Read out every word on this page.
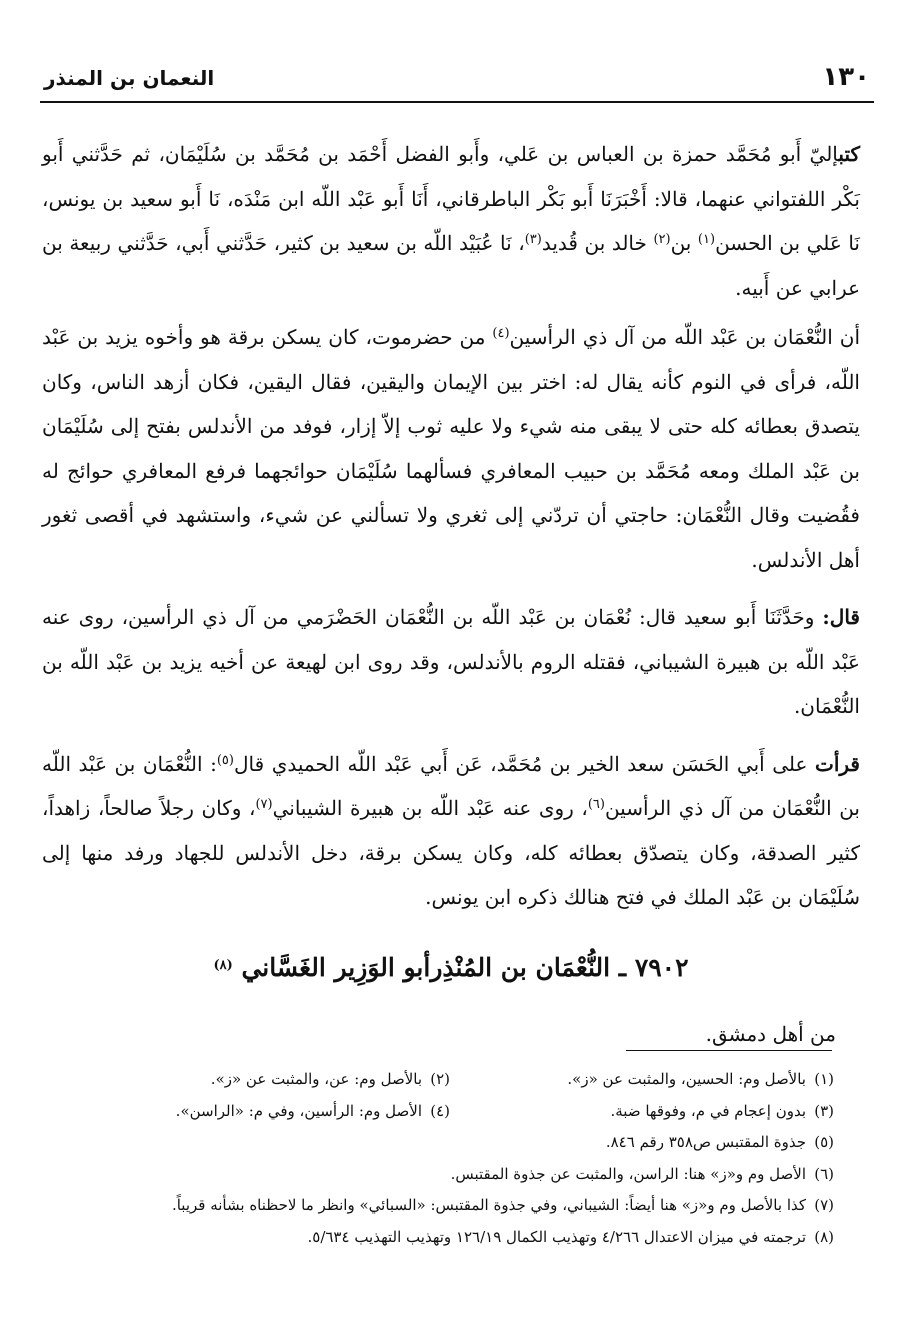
١٣٠
النعمان بن المنذر

كتبإليّ أَبو مُحَمَّد حمزة بن العباس بن عَلي، وأَبو الفضل أَحْمَد بن مُحَمَّد بن سُلَيْمَان، ثم حَدَّثني أَبو بَكْر اللفتواني عنهما، قالا: أَخْبَرَنَا أَبو بَكْر الباطرقاني، أَنَا أَبو عَبْد اللّه ابن مَنْدَه، نَا أَبو سعيد بن يونس، نَا عَلي بن الحسن$^{(١)}$ بن$^{(٢)}$ خالد بن قُديد$^{(٣)}$، نَا عُبَيْد اللّه بن سعيد بن كثير، حَدَّثني أَبي، حَدَّثني ربيعة بن عرابي عن أَبيه.

أن النُّعْمَان بن عَبْد اللّه من آل ذي الرأسين$^{(٤)}$ من حضرموت، كان يسكن برقة هو وأخوه يزيد بن عَبْد اللّه، فرأى في النوم كأنه يقال له: اختر بين الإيمان واليقين، فقال اليقين، فكان أزهد الناس، وكان يتصدق بعطائه كله حتى لا يبقى منه شيء ولا عليه ثوب إلاّ إزار، فوفد من الأندلس بفتح إلى سُلَيْمَان بن عَبْد الملك ومعه مُحَمَّد بن حبيب المعافري فسألهما سُلَيْمَان حوائجهما فرفع المعافري حوائج له فقُضيت وقال النُّعْمَان: حاجتي أن تردّني إلى ثغري ولا تسألني عن شيء، واستشهد في أقصى ثغور أهل الأندلس.

قال: وحَدَّثَنَا أَبو سعيد قال: نُعْمَان بن عَبْد اللّه بن النُّعْمَان الحَضْرَمي من آل ذي الرأسين، روى عنه عَبْد اللّه بن هبيرة الشيباني، فقتله الروم بالأندلس، وقد روى ابن لهيعة عن أخيه يزيد بن عَبْد اللّه بن النُّعْمَان.

قرأت على أَبي الحَسَن سعد الخير بن مُحَمَّد، عَن أَبي عَبْد اللّه الحميدي قال$^{(٥)}$: النُّعْمَان بن عَبْد اللّه بن النُّعْمَان من آل ذي الرأسين$^{(٦)}$، روى عنه عَبْد اللّه بن هبيرة الشيباني$^{(٧)}$، وكان رجلاً صالحاً، زاهداً، كثير الصدقة، وكان يتصدّق بعطائه كله، وكان يسكن برقة، دخل الأندلس للجهاد ورفد منها إلى سُلَيْمَان بن عَبْد الملك في فتح هنالك ذكره ابن يونس.

٧٩٠٢ ـ النُّعْمَان بن المُنْذِرأبو الوَزِير الغَسَّاني $^{(٨)}$

من أهل دمشق.

(١)
بالأصل وم: الحسين، والمثبت عن «ز».
(٢)
بالأصل وم: عن، والمثبت عن «ز».
(٣)
بدون إعجام في م، وفوقها ضبة.
(٤)
الأصل وم: الرأسين، وفي م: «الراسن».
(٥)
جذوة المقتبس ص٣٥٨ رقم ٨٤٦.
(٦)
الأصل وم و«ز» هنا: الراسن، والمثبت عن جذوة المقتبس.
(٧)
كذا بالأصل وم و«ز» هنا أيضاً: الشيباني، وفي جذوة المقتبس: «السبائي» وانظر ما لاحظناه بشأنه قريباً.
(٨)
ترجمته في ميزان الاعتدال ٤/٢٦٦ وتهذيب الكمال ١٢٦/١٩ وتهذيب التهذيب ٥/٦٣٤.
